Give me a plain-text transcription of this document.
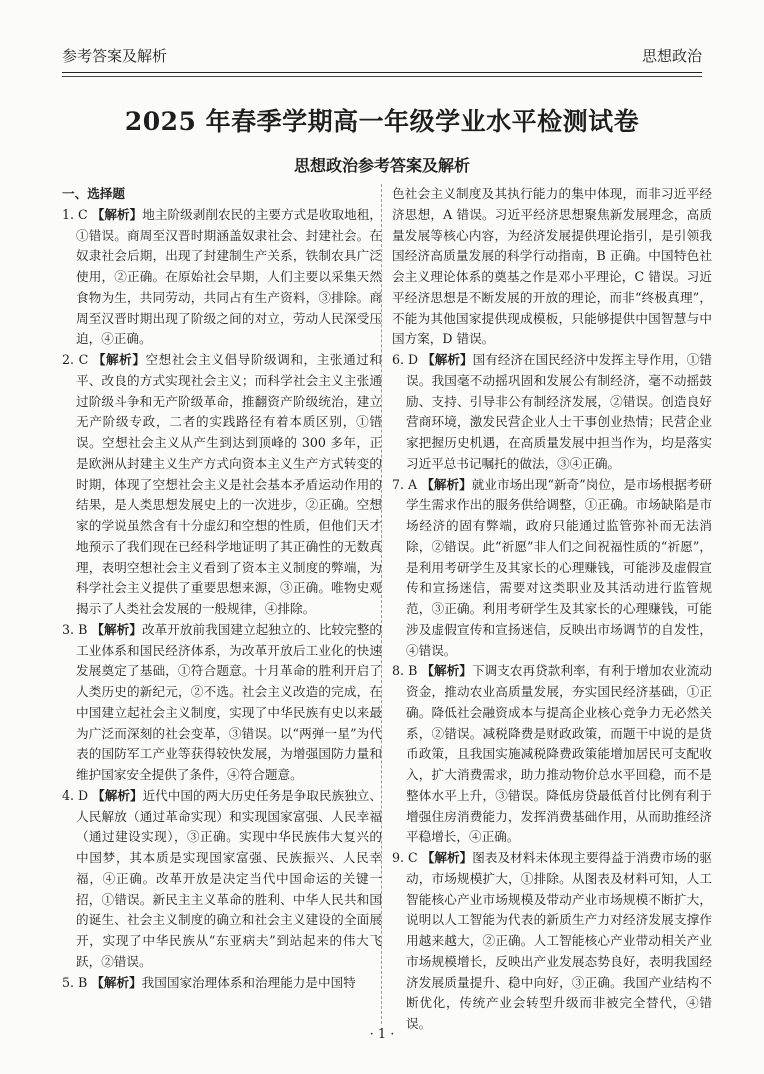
参考答案及解析	思想政治
2025 年春季学期高一年级学业水平检测试卷
思想政治参考答案及解析
一、选择题
1. C 【解析】地主阶级剥削农民的主要方式是收取地租，①错误。商周至汉晋时期涵盖奴隶社会、封建社会。在奴隶社会后期，出现了封建制生产关系，铁制农具广泛使用，②正确。在原始社会早期，人们主要以采集天然食物为生，共同劳动，共同占有生产资料，③排除。商周至汉晋时期出现了阶级之间的对立，劳动人民深受压迫，④正确。
2. C 【解析】空想社会主义倡导阶级调和，主张通过和平、改良的方式实现社会主义；而科学社会主义主张通过阶级斗争和无产阶级革命，推翻资产阶级统治，建立无产阶级专政，二者的实践路径有着本质区别，①错误。空想社会主义从产生到达到顶峰的 300 多年，正是欧洲从封建主义生产方式向资本主义生产方式转变的时期，体现了空想社会主义是社会基本矛盾运动作用的结果，是人类思想发展史上的一次进步，②正确。空想家的学说虽然含有十分虚幻和空想的性质，但他们天才地预示了我们现在已经科学地证明了其正确性的无数真理，表明空想社会主义看到了资本主义制度的弊端，为科学社会主义提供了重要思想来源，③正确。唯物史观揭示了人类社会发展的一般规律，④排除。
3. B 【解析】改革开放前我国建立起独立的、比较完整的工业体系和国民经济体系，为改革开放后工业化的快速发展奠定了基础，①符合题意。十月革命的胜利开启了人类历史的新纪元，②不选。社会主义改造的完成，在中国建立起社会主义制度，实现了中华民族有史以来最为广泛而深刻的社会变革，③错误。以“两弹一星”为代表的国防军工产业等获得较快发展，为增强国防力量和维护国家安全提供了条件，④符合题意。
4. D 【解析】近代中国的两大历史任务是争取民族独立、人民解放（通过革命实现）和实现国家富强、人民幸福（通过建设实现），③正确。实现中华民族伟大复兴的中国梦，其本质是实现国家富强、民族振兴、人民幸福，④正确。改革开放是决定当代中国命运的关键一招，①错误。新民主主义革命的胜利、中华人民共和国的诞生、社会主义制度的确立和社会主义建设的全面展开，实现了中华民族从“东亚病夫”到站起来的伟大飞跃，②错误。
5. B 【解析】我国国家治理体系和治理能力是中国特
色社会主义制度及其执行能力的集中体现，而非习近平经济思想，A 错误。习近平经济思想聚焦新发展理念，高质量发展等核心内容，为经济发展提供理论指引，是引领我国经济高质量发展的科学行动指南，B 正确。中国特色社会主义理论体系的奠基之作是邓小平理论，C 错误。习近平经济思想是不断发展的开放的理论，而非“终极真理”，不能为其他国家提供现成模板，只能够提供中国智慧与中国方案，D 错误。
6. D 【解析】国有经济在国民经济中发挥主导作用，①错误。我国毫不动摇巩固和发展公有制经济，毫不动摇鼓励、支持、引导非公有制经济发展，②错误。创造良好营商环境，激发民营企业人士干事创业热情；民营企业家把握历史机遇，在高质量发展中担当作为，均是落实习近平总书记嘱托的做法，③④正确。
7. A 【解析】就业市场出现“新奇”岗位，是市场根据考研学生需求作出的服务供给调整，①正确。市场缺陷是市场经济的固有弊端，政府只能通过监管弥补而无法消除，②错误。此“祈愿”非人们之间祝福性质的“祈愿”，是利用考研学生及其家长的心理赚钱，可能涉及虚假宣传和宣扬迷信，需要对这类职业及其活动进行监管规范，③正确。利用考研学生及其家长的心理赚钱，可能涉及虚假宣传和宣扬迷信，反映出市场调节的自发性，④错误。
8. B 【解析】下调支农再贷款利率，有利于增加农业流动资金，推动农业高质量发展，夯实国民经济基础，①正确。降低社会融资成本与提高企业核心竞争力无必然关系，②错误。减税降费是财政政策，而题干中说的是货币政策，且我国实施减税降费政策能增加居民可支配收入，扩大消费需求，助力推动物价总水平回稳，而不是整体水平上升，③错误。降低房贷最低首付比例有利于增强住房消费能力，发挥消费基础作用，从而助推经济平稳增长，④正确。
9. C 【解析】图表及材料未体现主要得益于消费市场的驱动，市场规模扩大，①排除。从图表及材料可知，人工智能核心产业市场规模及带动产业市场规模不断扩大，说明以人工智能为代表的新质生产力对经济发展支撑作用越来越大，②正确。人工智能核心产业带动相关产业市场规模增长，反映出产业发展态势良好，表明我国经济发展质量提升、稳中向好，③正确。我国产业结构不断优化，传统产业会转型升级而非被完全替代，④错误。
· 1 ·
